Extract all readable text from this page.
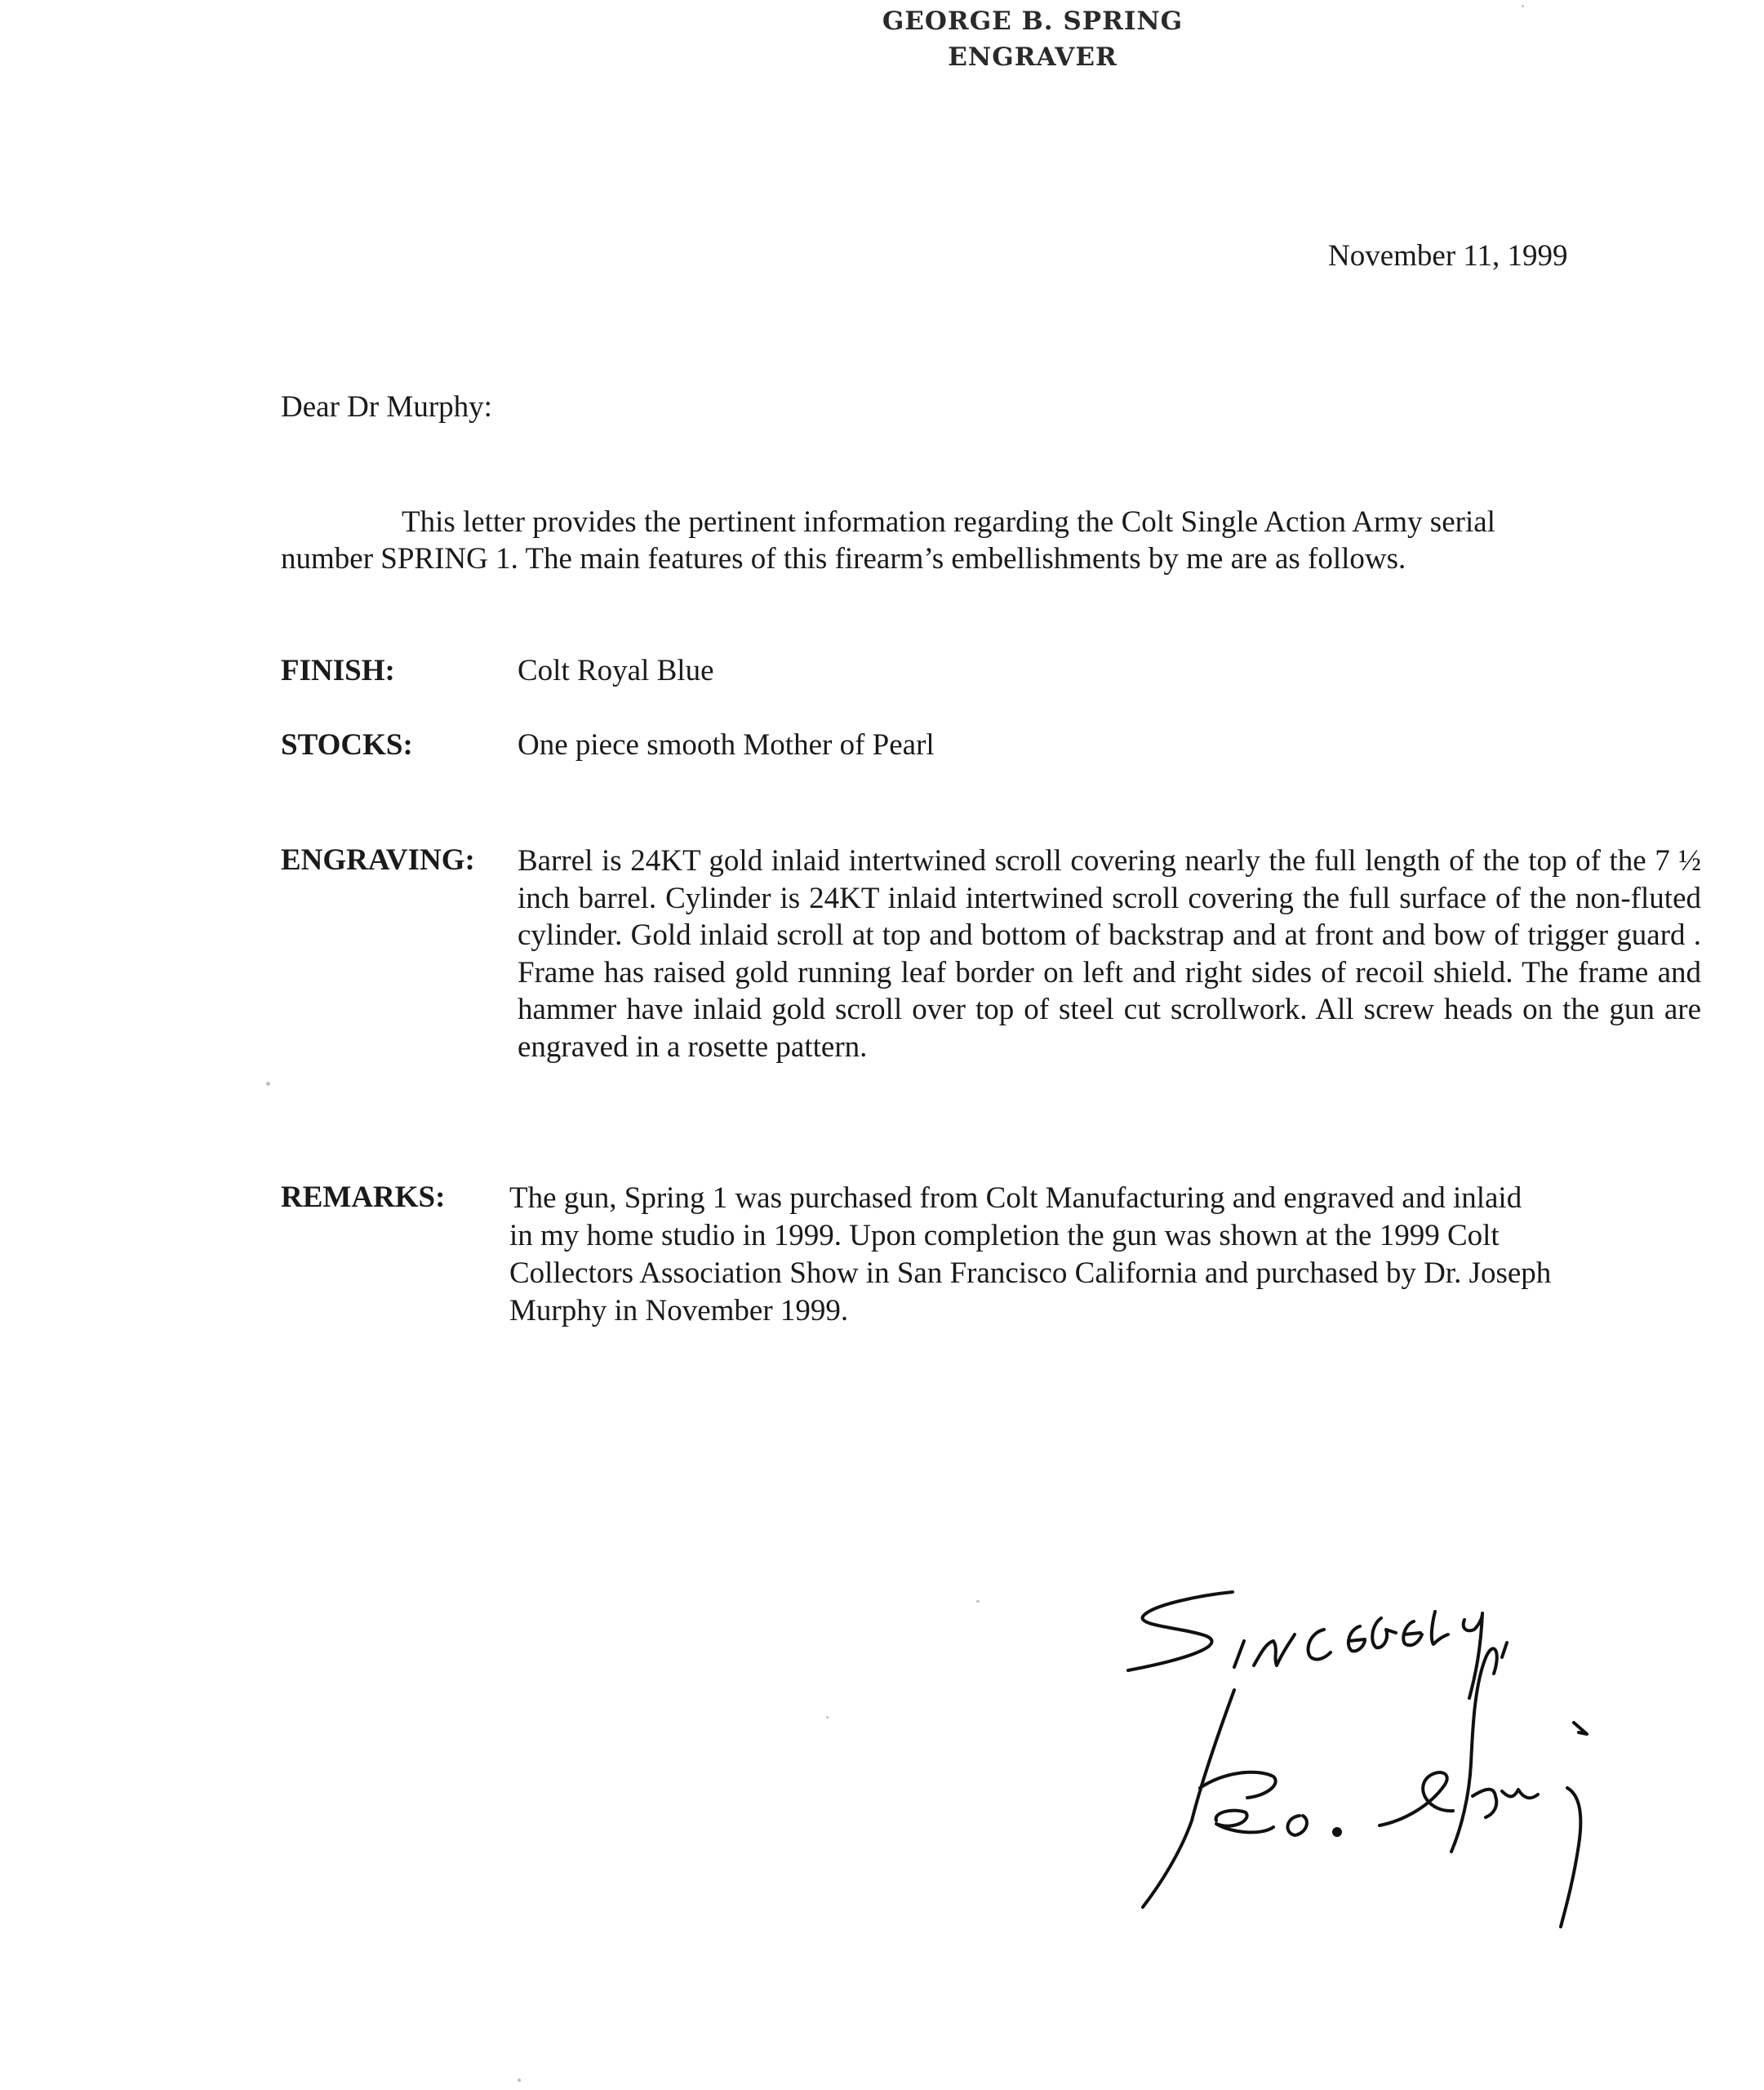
GEORGE B. SPRING
ENGRAVER
November 11, 1999
Dear Dr Murphy:
This letter provides the pertinent information regarding the Colt Single Action Army serial
number SPRING 1. The main features of this firearm’s embellishments by me are as follows.
FINISH:	Colt Royal Blue
STOCKS:	One piece smooth Mother of Pearl
ENGRAVING: Barrel is 24KT gold inlaid intertwined scroll covering nearly the full length of the top of the 7 ½ inch barrel. Cylinder is 24KT inlaid intertwined scroll covering the full surface of the non-fluted cylinder. Gold inlaid scroll at top and bottom of backstrap and at front and bow of trigger guard . Frame has raised gold running leaf border on left and right sides of recoil shield. The frame and hammer have inlaid gold scroll over top of steel cut scrollwork. All screw heads on the gun are engraved in a rosette pattern.
REMARKS: The gun, Spring 1 was purchased from Colt Manufacturing and engraved and inlaid
in my home studio in 1999. Upon completion the gun was shown at the 1999 Colt
Collectors Association Show in San Francisco California and purchased by Dr. Joseph
Murphy in November 1999.
